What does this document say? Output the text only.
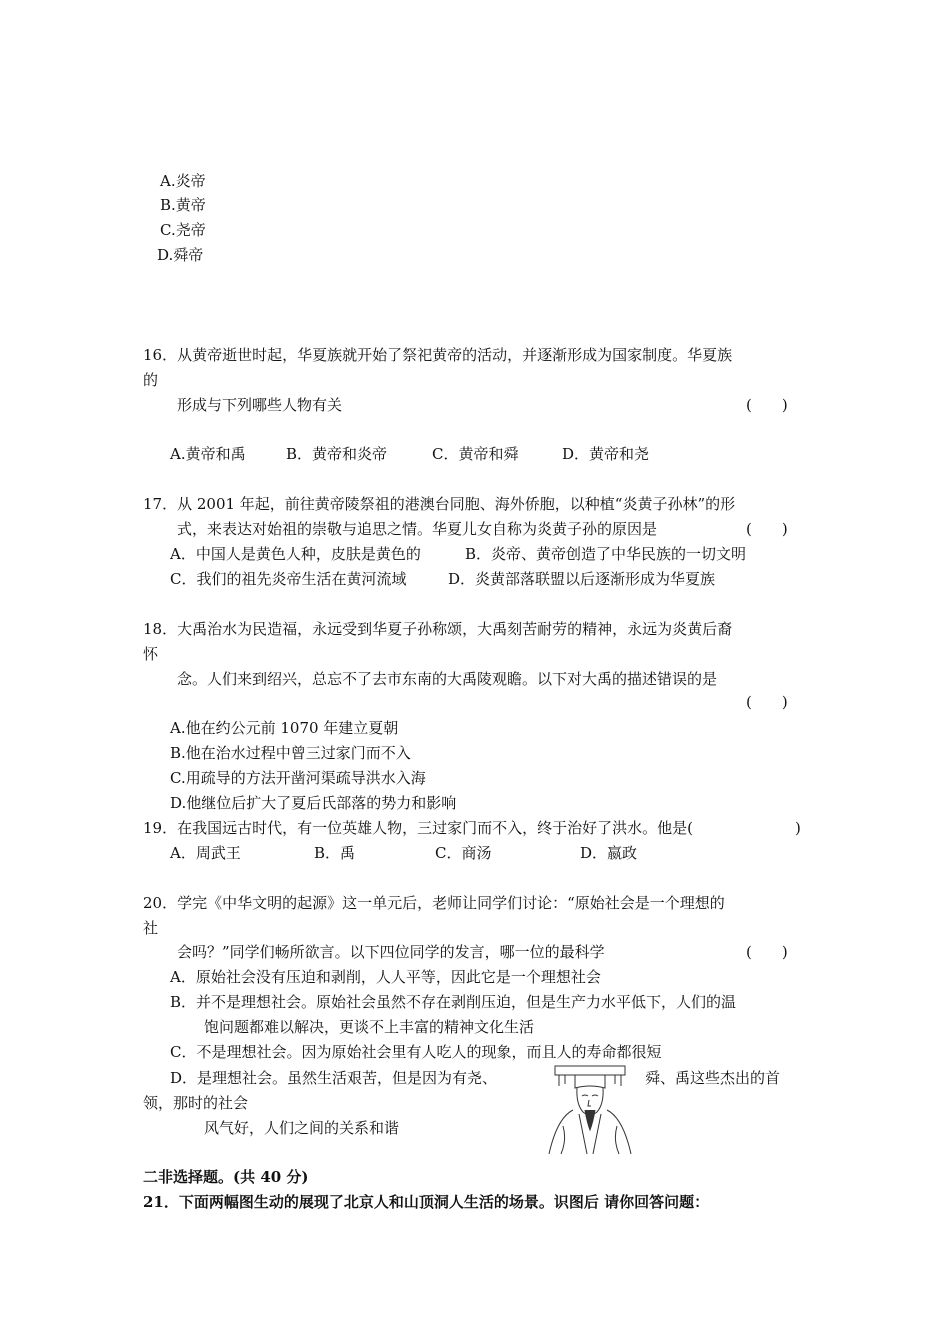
A.炎帝
B.黄帝
C.尧帝
D.舜帝
16．从黄帝逝世时起，华夏族就开始了祭祀黄帝的活动，并逐渐形成为国家制度。华夏族
的
形成与下列哪些人物有关	(　　)
A.黄帝和禹	B．黄帝和炎帝	C．黄帝和舜	D．黄帝和尧
17．从 2001 年起，前往黄帝陵祭祖的港澳台同胞、海外侨胞，以种植“炎黄子孙林”的形
式，来表达对始祖的崇敬与追思之情。华夏儿女自称为炎黄子孙的原因是	(　　)
A．中国人是黄色人种，皮肤是黄色的	B．炎帝、黄帝创造了中华民族的一切文明
C．我们的祖先炎帝生活在黄河流域	D．炎黄部落联盟以后逐渐形成为华夏族
18．大禹治水为民造福，永远受到华夏子孙称颂，大禹刻苦耐劳的精神，永远为炎黄后裔
怀
念。人们来到绍兴，总忘不了去市东南的大禹陵观瞻。以下对大禹的描述错误的是
(　　)
A.他在约公元前 1070 年建立夏朝
B.他在治水过程中曾三过家门而不入
C.用疏导的方法开凿河渠疏导洪水入海
D.他继位后扩大了夏后氏部落的势力和影响
19．在我国远古时代，有一位英雄人物，三过家门而不入，终于治好了洪水。他是(	)
A．周武王	B．禹	C．商汤	D．嬴政
20．学完《中华文明的起源》这一单元后，老师让同学们讨论：“原始社会是一个理想的
社
会吗？”同学们畅所欲言。以下四位同学的发言，哪一位的最科学	(　　)
A．原始社会没有压迫和剥削，人人平等，因此它是一个理想社会
B．并不是理想社会。原始社会虽然不存在剥削压迫，但是生产力水平低下，人们的温
饱问题都难以解决，更谈不上丰富的精神文化生活
C．不是理想社会。因为原始社会里有人吃人的现象，而且人的寿命都很短
D．是理想社会。虽然生活艰苦，但是因为有尧、	舜、禹这些杰出的首
领，那时的社会
风气好，人们之间的关系和谐
二非选择题。(共 40 分)
21．下面两幅图生动的展现了北京人和山顶洞人生活的场景。识图后 请你回答问题：
